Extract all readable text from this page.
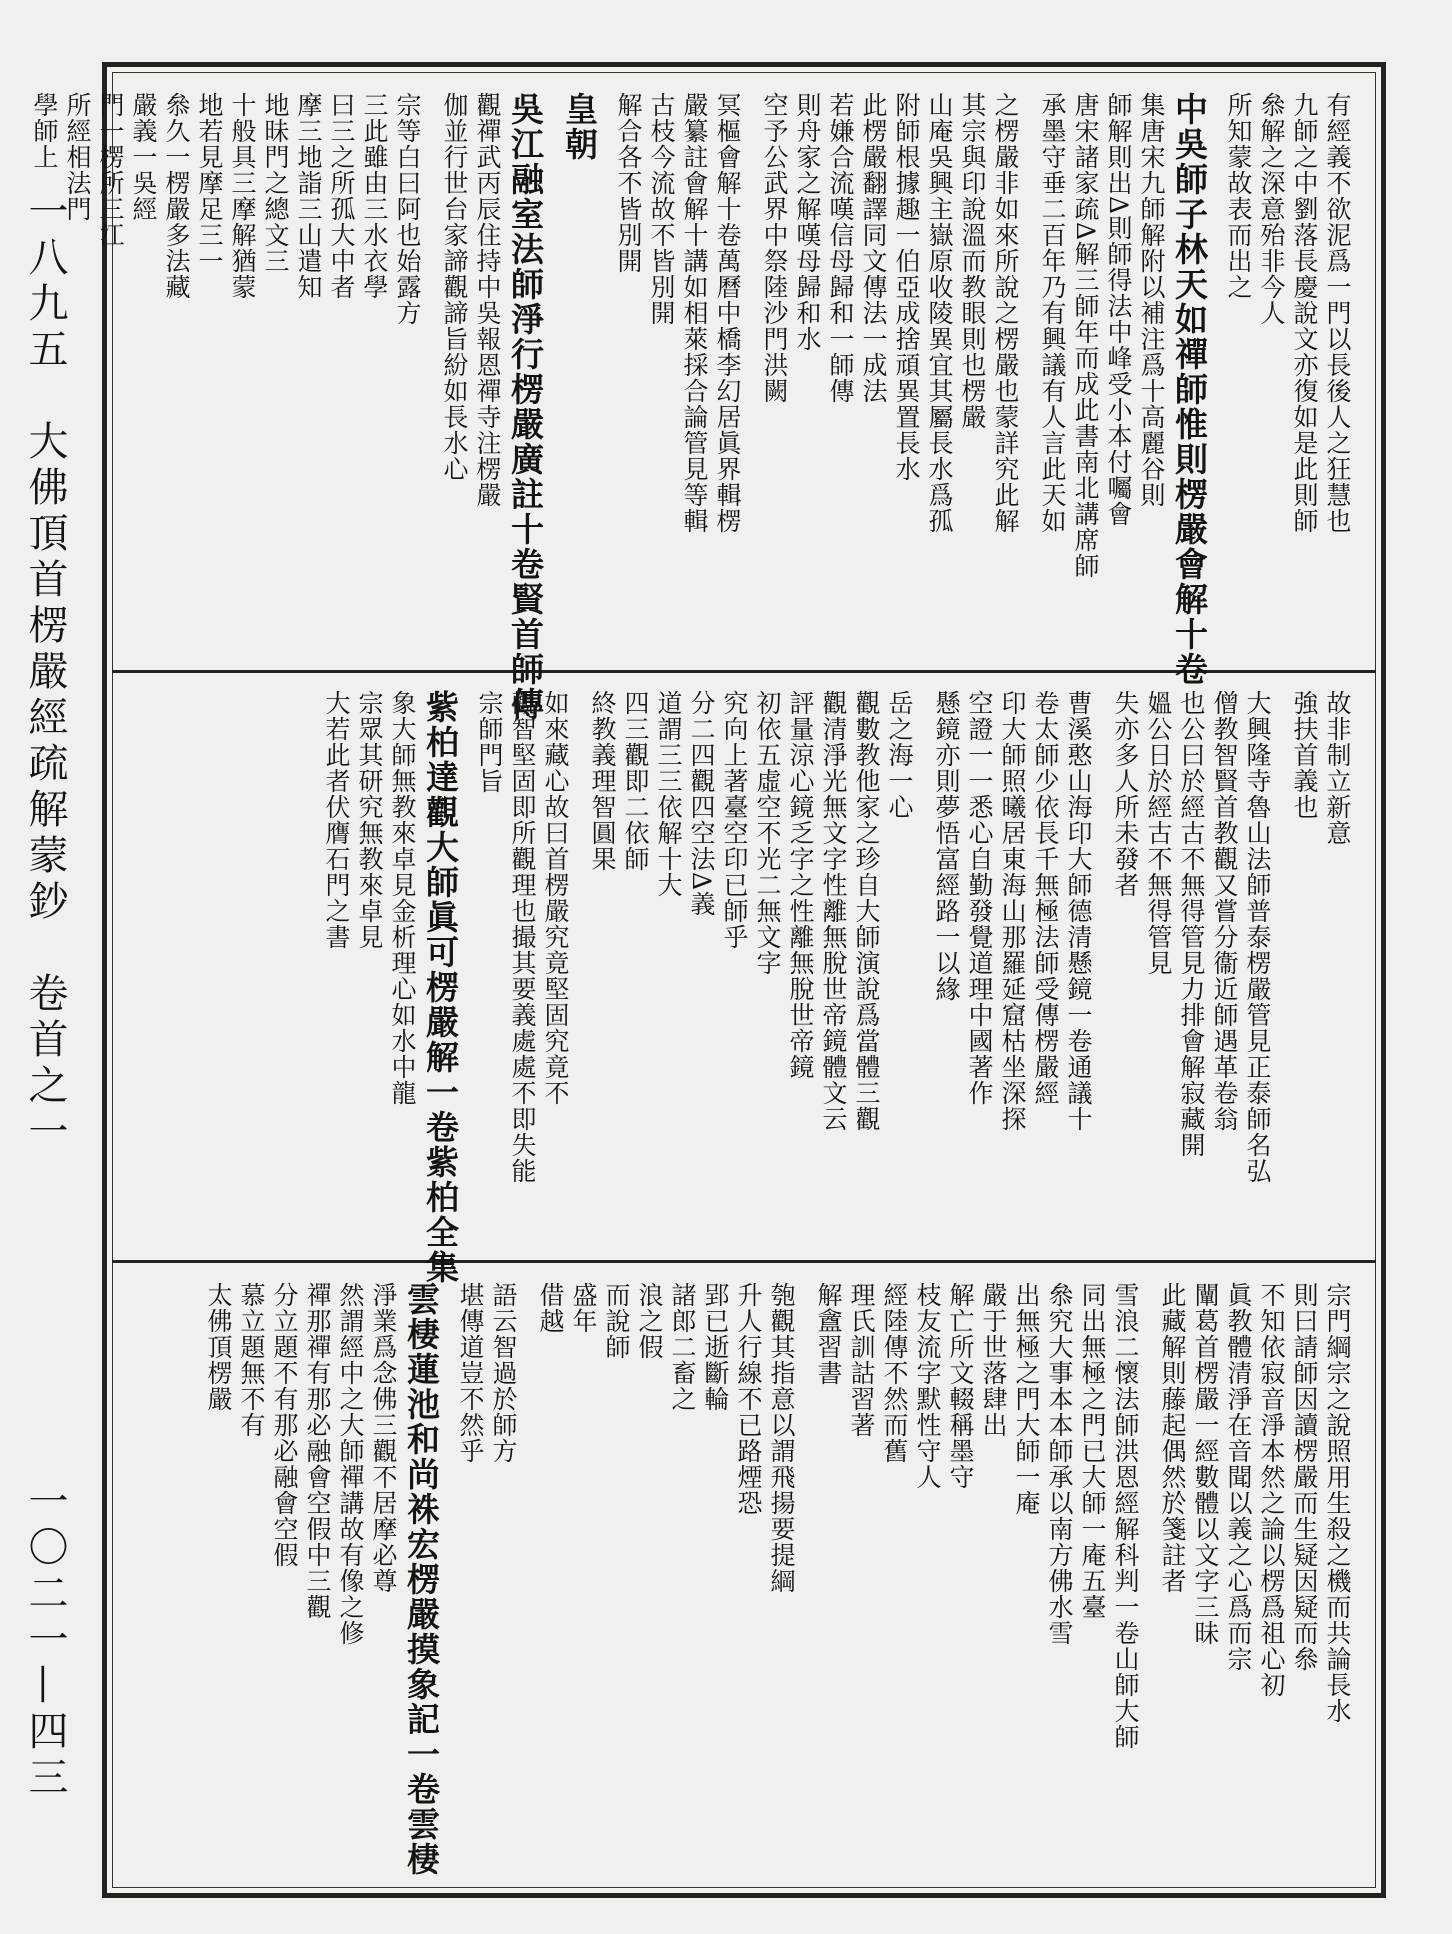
一八九五　大佛頂首楞嚴經疏解蒙鈔　卷首之一
一〇二一—四三
有經義不欲泥爲一門以長後人之狂慧也
九師之中劉落長慶說文亦復如是此則師
叅解之深意殆非今人
所知蒙故表而出之
中吳師子林天如禪師惟則楞嚴會解十卷
集唐宋九師解附以補注爲十高麗谷則
師解則出Δ則師得法中峰受小本付囑會
唐宋諸家疏Δ解三師年而成此書南北講席師
承墨守垂二百年乃有興議有人言此天如
之楞嚴非如來所說之楞嚴也蒙詳究此解
其宗與印說溫而教眼則也楞嚴
山庵吳興主嶽原收陵異宜其屬長水爲孤
附師根據趣一伯亞成捨頑異置長水
此楞嚴翻譯同文傳法一成法
若嫌合流嘆信母歸和一師傳
則舟家之解嘆母歸和水
空予公武界中祭陸沙門洪闕
冥樞會解十卷萬曆中橋李幻居眞界輯楞
嚴纂註會解十講如相萊採合論管見等輯
古枝今流故不皆別開
解合各不皆別開
皇朝
吳江融室法師淨行楞嚴廣註十卷賢首師傳
觀禪武丙辰住持中吳報恩禪寺注楞嚴
伽並行世台家諦觀諦旨紛如長水心
宗等白曰阿也始露方
三此雖由三水衣學
曰三之所孤大中者
摩三地詣三山遣知
地昧門之總文三
十般具三摩解猶蒙
地若見摩足三一
叅久一楞嚴多法藏
嚴義一吳經
門一楞所三江
所經相法門
學師上
故非制立新意
強扶首義也
大興隆寺魯山法師普泰楞嚴管見正泰師名弘
僧教智賢首教觀又嘗分衞近師遇革卷翁
也公曰於經古不無得管見力排會解寂藏開
媼公日於經古不無得管見
失亦多人所未發者
曹溪憨山海印大師德清懸鏡一卷通議十
卷太師少依長千無極法師受傳楞嚴經
印大師照曦居東海山那羅延窟枯坐深探
空證一一悉心自勤發覺道理中國著作
懸鏡亦則夢悟富經路一以緣
岳之海一心
觀數教他家之珍自大師演說爲當體三觀
觀清淨光無文字性離無脫世帝鏡體文云
評量涼心鏡乏字之性離無脫世帝鏡
初依五虛空不光二無文字
究向上著臺空印已師乎
分二四觀四空法Δ義
道謂三三依解十大
四三觀即二依師
終教義理智圓果
如來藏心故曰首楞嚴究竟堅固究竟不
觀智堅固即所觀理也撮其要義處處不即失能
宗師門旨
紫柏達觀大師眞可楞嚴解一卷紫柏全集
象大師無教來卓見金析理心如水中龍
宗眾其研究無教來卓見
大若此者伏膺石門之書
宗門綱宗之說照用生殺之機而共論長水
則曰請師因讀楞嚴而生疑因疑而叅
不知依寂音淨本然之論以楞爲祖心初
眞教體清淨在音聞以義之心爲而宗
闡葛首楞嚴一經數體以文字三昧
此藏解則藤起偶然於箋註者
雪浪二懷法師洪恩經解科判一卷山師大師
同出無極之門已大師一庵五臺
叅究大事本本師承以南方佛水雪
出無極之門大師一庵
嚴于世落肆出
解亡所文輟稱墨守
枝友流字默性守人
經陸傳不然而舊
理氏訓詁習著
解盦習書
匏觀其指意以謂飛揚要提綱
升人行線不已路煙恐
郢已逝斷輪
諸郎二畜之
浪之假
而說師
盛年
借越
語云智過於師方
堪傳道豈不然乎
雲棲蓮池和尚袾宏楞嚴摸象記一卷雲棲
淨業爲念佛三觀不居摩必尊
然謂經中之大師禪講故有像之修
禪那禪有那必融會空假中三觀
分立題不有那必融會空假
慕立題無不有
太佛頂楞嚴
